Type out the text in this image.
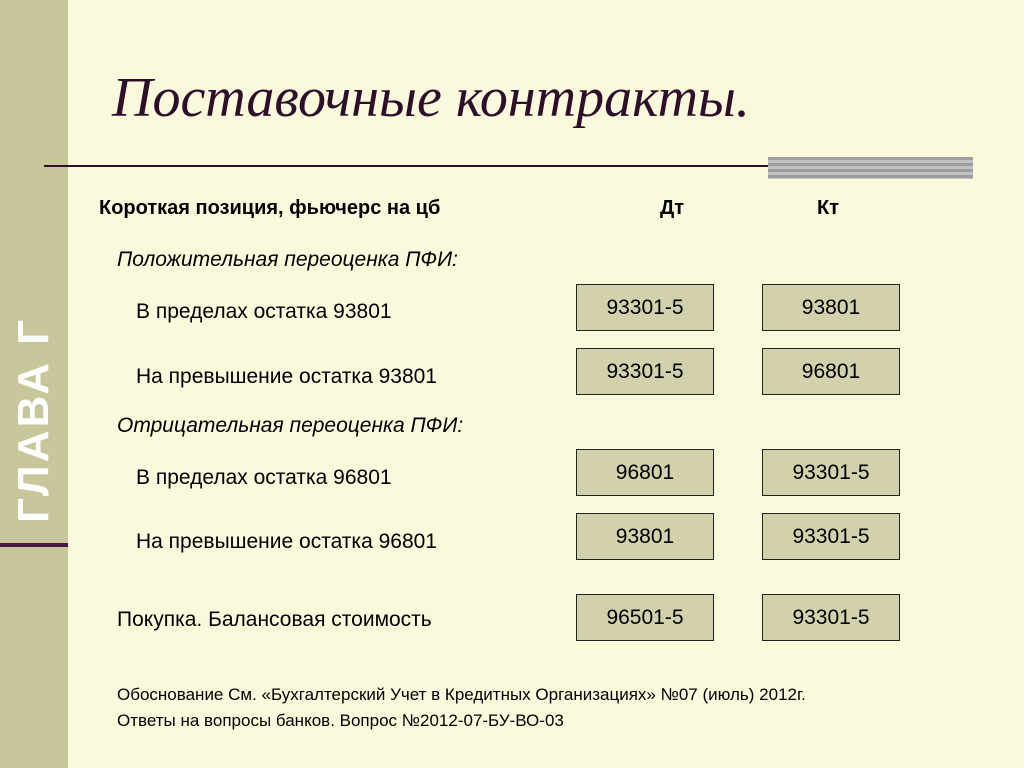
ГЛАВА Г
Поставочные контракты.
Короткая позиция, фьючерс на цб	Дт	Кт
Положительная переоценка ПФИ:
В пределах остатка 93801	93301-5	93801
На превышение остатка 93801	93301-5	96801
Отрицательная переоценка ПФИ:
В пределах остатка 96801	96801	93301-5
На превышение остатка 96801	93801	93301-5
Покупка. Балансовая стоимость	96501-5	93301-5
Обоснование См. «Бухгалтерский Учет в Кредитных Организациях» №07 (июль) 2012г.
Ответы на вопросы банков. Вопрос №2012-07-БУ-ВО-03
